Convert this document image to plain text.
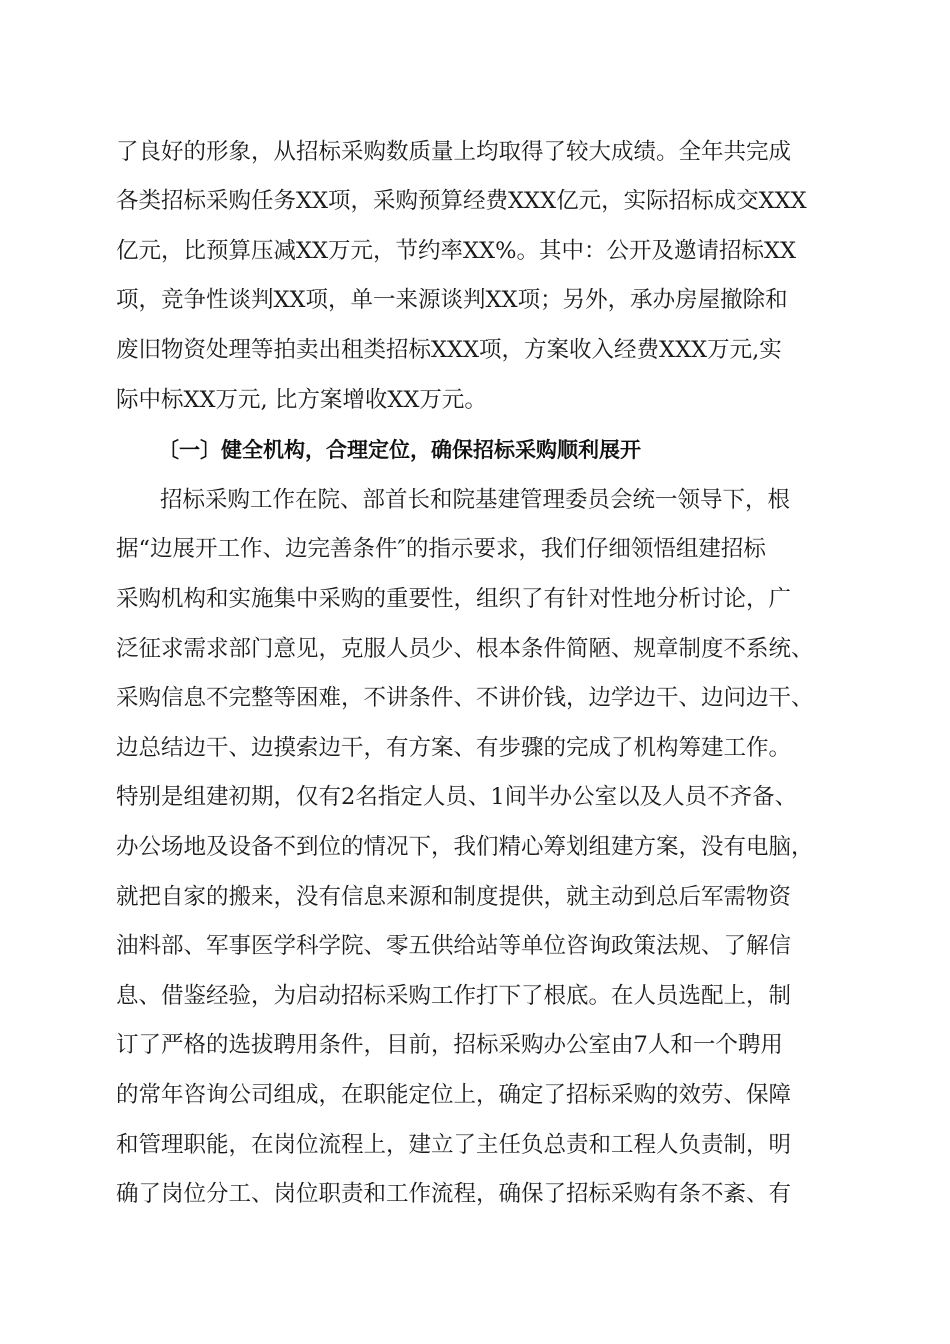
了良好的形象，从招标采购数质量上均取得了较大成绩。全年共完成
各类招标采购任务XX项，采购预算经费XXX亿元，实际招标成交XXX
亿元，比预算压减XX万元，节约率XX%。其中：公开及邀请招标XX
项，竞争性谈判XX项，单一来源谈判XX项；另外，承办房屋撤除和
废旧物资处理等拍卖出租类招标XXX项，方案收入经费XXX万元,实
际中标XX万元, 比方案增收XX万元。
〔一〕健全机构，合理定位，确保招标采购顺利展开
招标采购工作在院、部首长和院基建管理委员会统一领导下，根
据“边展开工作、边完善条件″的指示要求，我们仔细领悟组建招标
采购机构和实施集中采购的重要性，组织了有针对性地分析讨论，广
泛征求需求部门意见，克服人员少、根本条件简陋、规章制度不系统、
采购信息不完整等困难，不讲条件、不讲价钱，边学边干、边问边干、
边总结边干、边摸索边干，有方案、有步骤的完成了机构筹建工作。
特别是组建初期，仅有2名指定人员、1间半办公室以及人员不齐备、
办公场地及设备不到位的情况下，我们精心筹划组建方案，没有电脑，
就把自家的搬来，没有信息来源和制度提供，就主动到总后军需物资
油料部、军事医学科学院、零五供给站等单位咨询政策法规、了解信
息、借鉴经验，为启动招标采购工作打下了根底。在人员选配上，制
订了严格的选拔聘用条件，目前，招标采购办公室由7人和一个聘用
的常年咨询公司组成，在职能定位上，确定了招标采购的效劳、保障
和管理职能，在岗位流程上，建立了主任负总责和工程人负责制，明
确了岗位分工、岗位职责和工作流程，确保了招标采购有条不紊、有
